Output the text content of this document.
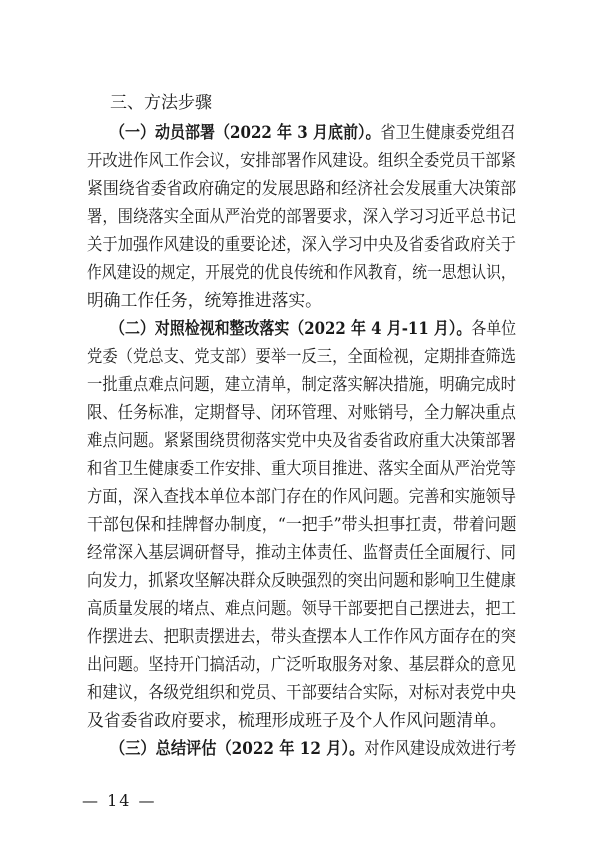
三、方法步骤
（一）动员部署（2022 年 3 月底前）。省卫生健康委党组召
开改进作风工作会议，安排部署作风建设。组织全委党员干部紧
紧围绕省委省政府确定的发展思路和经济社会发展重大决策部
署，围绕落实全面从严治党的部署要求，深入学习习近平总书记
关于加强作风建设的重要论述，深入学习中央及省委省政府关于
作风建设的规定，开展党的优良传统和作风教育，统一思想认识，
明确工作任务，统筹推进落实。
（二）对照检视和整改落实（2022 年 4 月-11 月）。各单位
党委（党总支、党支部）要举一反三，全面检视，定期排查筛选
一批重点难点问题，建立清单，制定落实解决措施，明确完成时
限、任务标准，定期督导、闭环管理、对账销号，全力解决重点
难点问题。紧紧围绕贯彻落实党中央及省委省政府重大决策部署
和省卫生健康委工作安排、重大项目推进、落实全面从严治党等
方面，深入查找本单位本部门存在的作风问题。完善和实施领导
干部包保和挂牌督办制度，“一把手”带头担事扛责，带着问题
经常深入基层调研督导，推动主体责任、监督责任全面履行、同
向发力，抓紧攻坚解决群众反映强烈的突出问题和影响卫生健康
高质量发展的堵点、难点问题。领导干部要把自己摆进去，把工
作摆进去、把职责摆进去，带头查摆本人工作作风方面存在的突
出问题。坚持开门搞活动，广泛听取服务对象、基层群众的意见
和建议，各级党组织和党员、干部要结合实际，对标对表党中央
及省委省政府要求，梳理形成班子及个人作风问题清单。
（三）总结评估（2022 年 12 月）。对作风建设成效进行考
— 14 —
